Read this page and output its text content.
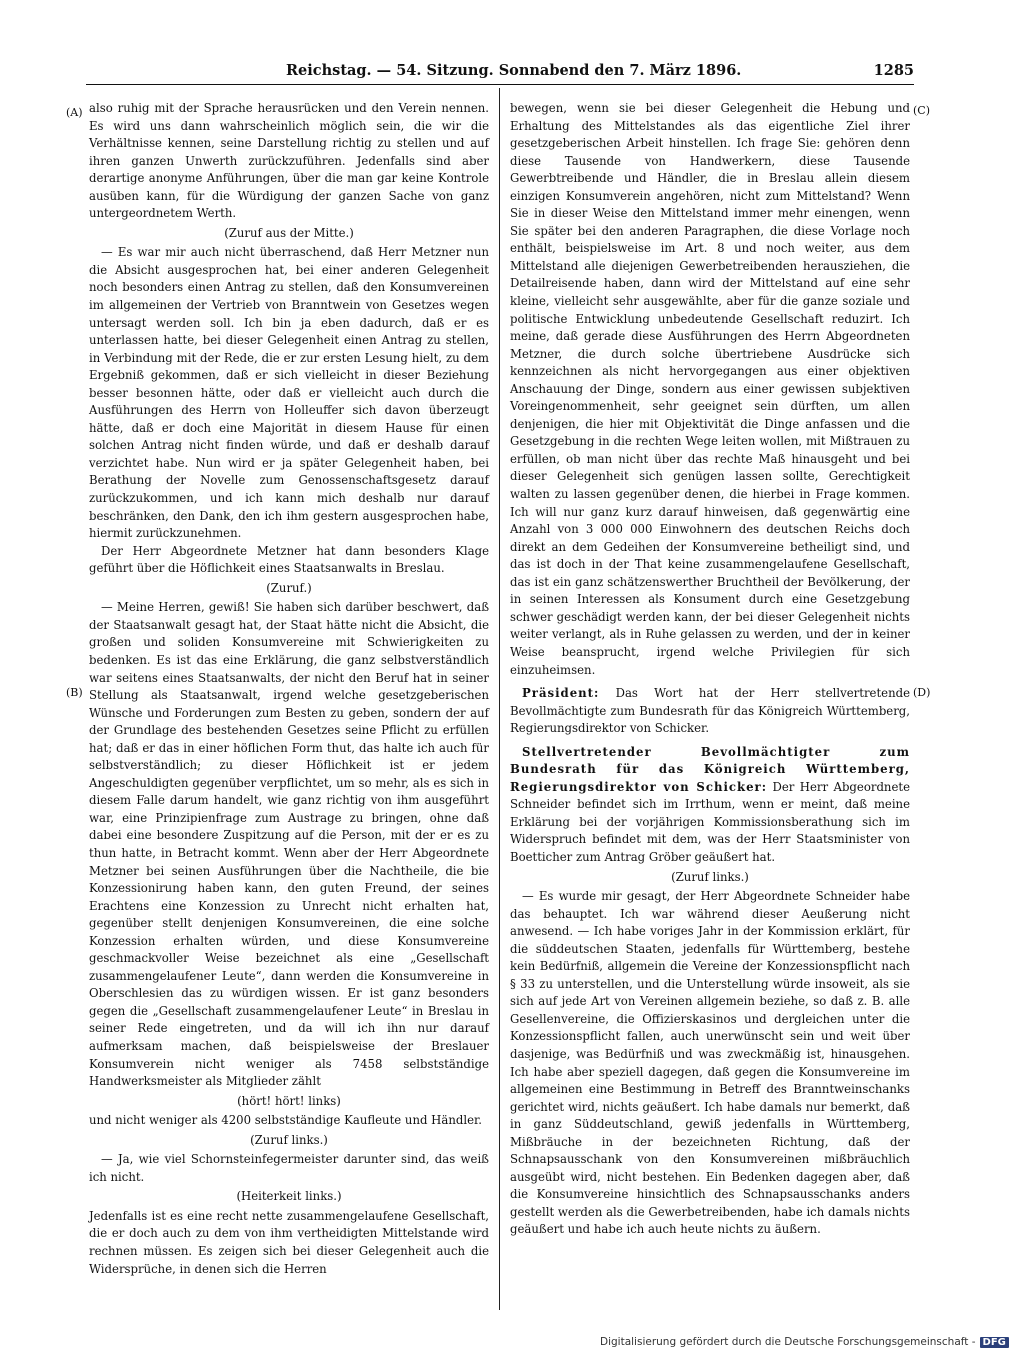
Reichstag. — 54. Sitzung. Sonnabend den 7. März 1896.	1285
(A)
(B)
(C)
(D)

also ruhig mit der Sprache herausrücken und den Verein nennen. Es wird uns dann wahrscheinlich möglich sein, die wir die Verhältnisse kennen, seine Darstellung richtig zu stellen und auf ihren ganzen Unwerth zurückzuführen. Jedenfalls sind aber derartige anonyme Anführungen, über die man gar keine Kontrole ausüben kann, für die Würdigung der ganzen Sache von ganz untergeordnetem Werth.

(Zuruf aus der Mitte.)

— Es war mir auch nicht überraschend, daß Herr Metzner nun die Absicht ausgesprochen hat, bei einer anderen Gelegenheit noch besonders einen Antrag zu stellen, daß den Konsumvereinen im allgemeinen der Vertrieb von Branntwein von Gesetzes wegen untersagt werden soll. Ich bin ja eben dadurch, daß er es unterlassen hatte, bei dieser Gelegenheit einen Antrag zu stellen, in Verbindung mit der Rede, die er zur ersten Lesung hielt, zu dem Ergebniß gekommen, daß er sich vielleicht in dieser Beziehung besser besonnen hätte, oder daß er vielleicht auch durch die Ausführungen des Herrn von Holleuffer sich davon überzeugt hätte, daß er doch eine Majorität in diesem Hause für einen solchen Antrag nicht finden würde, und daß er deshalb darauf verzichtet habe. Nun wird er ja später Gelegenheit haben, bei Berathung der Novelle zum Genossenschaftsgesetz darauf zurückzukommen, und ich kann mich deshalb nur darauf beschränken, den Dank, den ich ihm gestern ausgesprochen habe, hiermit zurückzunehmen.

Der Herr Abgeordnete Metzner hat dann besonders Klage geführt über die Höflichkeit eines Staatsanwalts in Breslau.

(Zuruf.)

— Meine Herren, gewiß! Sie haben sich darüber beschwert, daß der Staatsanwalt gesagt hat, der Staat hätte nicht die Absicht, die großen und soliden Konsumvereine mit Schwierigkeiten zu bedenken. Es ist das eine Erklärung, die ganz selbstverständlich war seitens eines Staatsanwalts, der nicht den Beruf hat in seiner Stellung als Staatsanwalt, irgend welche gesetzgeberischen Wünsche und Forderungen zum Besten zu geben, sondern der auf der Grundlage des bestehenden Gesetzes seine Pflicht zu erfüllen hat; daß er das in einer höflichen Form thut, das halte ich auch für selbstverständlich; zu dieser Höflichkeit ist er jedem Angeschuldigten gegenüber verpflichtet, um so mehr, als es sich in diesem Falle darum handelt, wie ganz richtig von ihm ausgeführt war, eine Prinzipienfrage zum Austrage zu bringen, ohne daß dabei eine besondere Zuspitzung auf die Person, mit der er es zu thun hatte, in Betracht kommt. Wenn aber der Herr Abgeordnete Metzner bei seinen Ausführungen über die Nachtheile, die bie Konzessionirung haben kann, den guten Freund, der seines Erachtens eine Konzession zu Unrecht nicht erhalten hat, gegenüber stellt denjenigen Konsumvereinen, die eine solche Konzession erhalten würden, und diese Konsumvereine geschmackvoller Weise bezeichnet als eine „Gesellschaft zusammengelaufener Leute“, dann werden die Konsumvereine in Oberschlesien das zu würdigen wissen. Er ist ganz besonders gegen die „Gesellschaft zusammengelaufener Leute“ in Breslau in seiner Rede eingetreten, und da will ich ihn nur darauf aufmerksam machen, daß beispielsweise der Breslauer Konsumverein nicht weniger als 7458 selbstständige Handwerksmeister als Mitglieder zählt

(hört! hört! links)

und nicht weniger als 4200 selbstständige Kaufleute und Händler.

(Zuruf links.)

— Ja, wie viel Schornsteinfegermeister darunter sind, das weiß ich nicht.

(Heiterkeit links.)

Jedenfalls ist es eine recht nette zusammengelaufene Gesellschaft, die er doch auch zu dem von ihm vertheidigten Mittelstande wird rechnen müssen. Es zeigen sich bei dieser Gelegenheit auch die Widersprüche, in denen sich die Herren

bewegen, wenn sie bei dieser Gelegenheit die Hebung und Erhaltung des Mittelstandes als das eigentliche Ziel ihrer gesetzgeberischen Arbeit hinstellen. Ich frage Sie: gehören denn diese Tausende von Handwerkern, diese Tausende Gewerbtreibende und Händler, die in Breslau allein diesem einzigen Konsumverein angehören, nicht zum Mittelstand? Wenn Sie in dieser Weise den Mittelstand immer mehr einengen, wenn Sie später bei den anderen Paragraphen, die diese Vorlage noch enthält, beispielsweise im Art. 8 und noch weiter, aus dem Mittelstand alle diejenigen Gewerbetreibenden herausziehen, die Detailreisende haben, dann wird der Mittelstand auf eine sehr kleine, vielleicht sehr ausgewählte, aber für die ganze soziale und politische Entwicklung unbedeutende Gesellschaft reduzirt. Ich meine, daß gerade diese Ausführungen des Herrn Abgeordneten Metzner, die durch solche übertriebene Ausdrücke sich kennzeichnen als nicht hervorgegangen aus einer objektiven Anschauung der Dinge, sondern aus einer gewissen subjektiven Voreingenommenheit, sehr geeignet sein dürften, um allen denjenigen, die hier mit Objektivität die Dinge anfassen und die Gesetzgebung in die rechten Wege leiten wollen, mit Mißtrauen zu erfüllen, ob man nicht über das rechte Maß hinausgeht und bei dieser Gelegenheit sich genügen lassen sollte, Gerechtigkeit walten zu lassen gegenüber denen, die hierbei in Frage kommen. Ich will nur ganz kurz darauf hinweisen, daß gegenwärtig eine Anzahl von 3 000 000 Einwohnern des deutschen Reichs doch direkt an dem Gedeihen der Konsumvereine betheiligt sind, und das ist doch in der That keine zusammengelaufene Gesellschaft, das ist ein ganz schätzenswerther Bruchtheil der Bevölkerung, der in seinen Interessen als Konsument durch eine Gesetzgebung schwer geschädigt werden kann, der bei dieser Gelegenheit nichts weiter verlangt, als in Ruhe gelassen zu werden, und der in keiner Weise beansprucht, irgend welche Privilegien für sich einzuheimsen.

Präsident: Das Wort hat der Herr stellvertretende Bevollmächtigte zum Bundesrath für das Königreich Württemberg, Regierungsdirektor von Schicker.

Stellvertretender Bevollmächtigter zum Bundesrath für das Königreich Württemberg, Regierungsdirektor von Schicker: Der Herr Abgeordnete Schneider befindet sich im Irrthum, wenn er meint, daß meine Erklärung bei der vorjährigen Kommissionsberathung sich im Widerspruch befindet mit dem, was der Herr Staatsminister von Boetticher zum Antrag Gröber geäußert hat.

(Zuruf links.)

— Es wurde mir gesagt, der Herr Abgeordnete Schneider habe das behauptet. Ich war während dieser Aeußerung nicht anwesend. — Ich habe voriges Jahr in der Kommission erklärt, für die süddeutschen Staaten, jedenfalls für Württemberg, bestehe kein Bedürfniß, allgemein die Vereine der Konzessionspflicht nach § 33 zu unterstellen, und die Unterstellung würde insoweit, als sie sich auf jede Art von Vereinen allgemein beziehe, so daß z. B. alle Gesellenvereine, die Offizierskasinos und dergleichen unter die Konzessionspflicht fallen, auch unerwünscht sein und weit über dasjenige, was Bedürfniß und was zweckmäßig ist, hinausgehen. Ich habe aber speziell dagegen, daß gegen die Konsumvereine im allgemeinen eine Bestimmung in Betreff des Branntweinschanks gerichtet wird, nichts geäußert. Ich habe damals nur bemerkt, daß in ganz Süddeutschland, gewiß jedenfalls in Württemberg, Mißbräuche in der bezeichneten Richtung, daß der Schnapsausschank von den Konsumvereinen mißbräuchlich ausgeübt wird, nicht bestehen. Ein Bedenken dagegen aber, daß die Konsumvereine hinsichtlich des Schnapsausschanks anders gestellt werden als die Gewerbetreibenden, habe ich damals nichts geäußert und habe ich auch heute nichts zu äußern.

Digitalisierung gefördert durch die Deutsche Forschungsgemeinschaft - DFG
